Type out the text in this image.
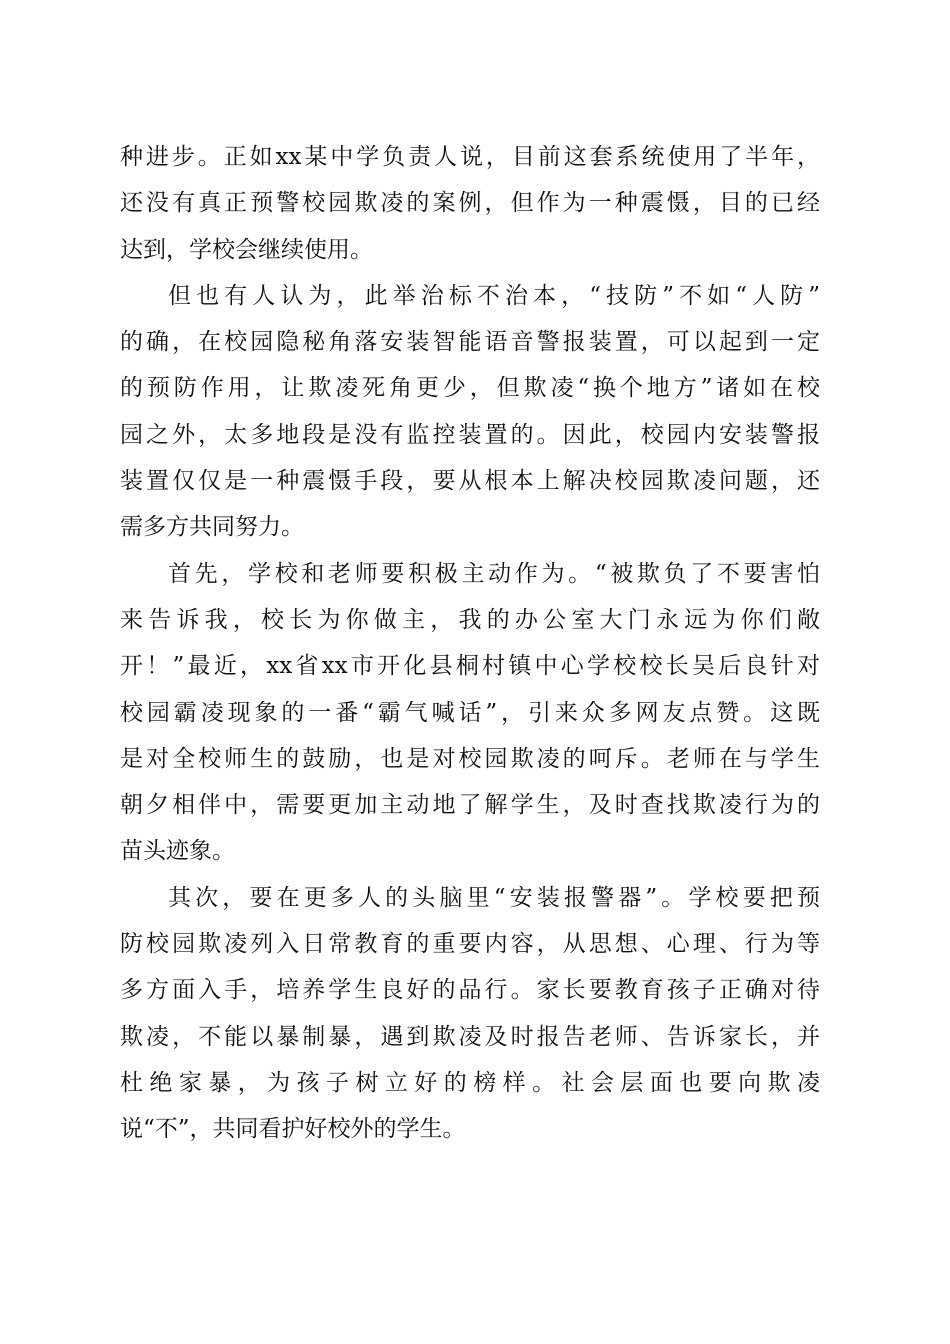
种进步。正如xx某中学负责人说，目前这套系统使用了半年，
还没有真正预警校园欺凌的案例，但作为一种震慑，目的已经
达到，学校会继续使用。
但也有人认为，此举治标不治本，“技防”不如“人防”
的确，在校园隐秘角落安装智能语音警报装置，可以起到一定
的预防作用，让欺凌死角更少，但欺凌“换个地方”诸如在校
园之外，太多地段是没有监控装置的。因此，校园内安装警报
装置仅仅是一种震慑手段，要从根本上解决校园欺凌问题，还
需多方共同努力。
首先，学校和老师要积极主动作为。“被欺负了不要害怕
来告诉我，校长为你做主，我的办公室大门永远为你们敞
开！”最近，xx省xx市开化县桐村镇中心学校校长吴后良针对
校园霸凌现象的一番“霸气喊话”，引来众多网友点赞。这既
是对全校师生的鼓励，也是对校园欺凌的呵斥。老师在与学生
朝夕相伴中，需要更加主动地了解学生，及时查找欺凌行为的
苗头迹象。
其次，要在更多人的头脑里“安装报警器”。学校要把预
防校园欺凌列入日常教育的重要内容，从思想、心理、行为等
多方面入手，培养学生良好的品行。家长要教育孩子正确对待
欺凌，不能以暴制暴，遇到欺凌及时报告老师、告诉家长，并
杜绝家暴，为孩子树立好的榜样。社会层面也要向欺凌
说“不”，共同看护好校外的学生。
